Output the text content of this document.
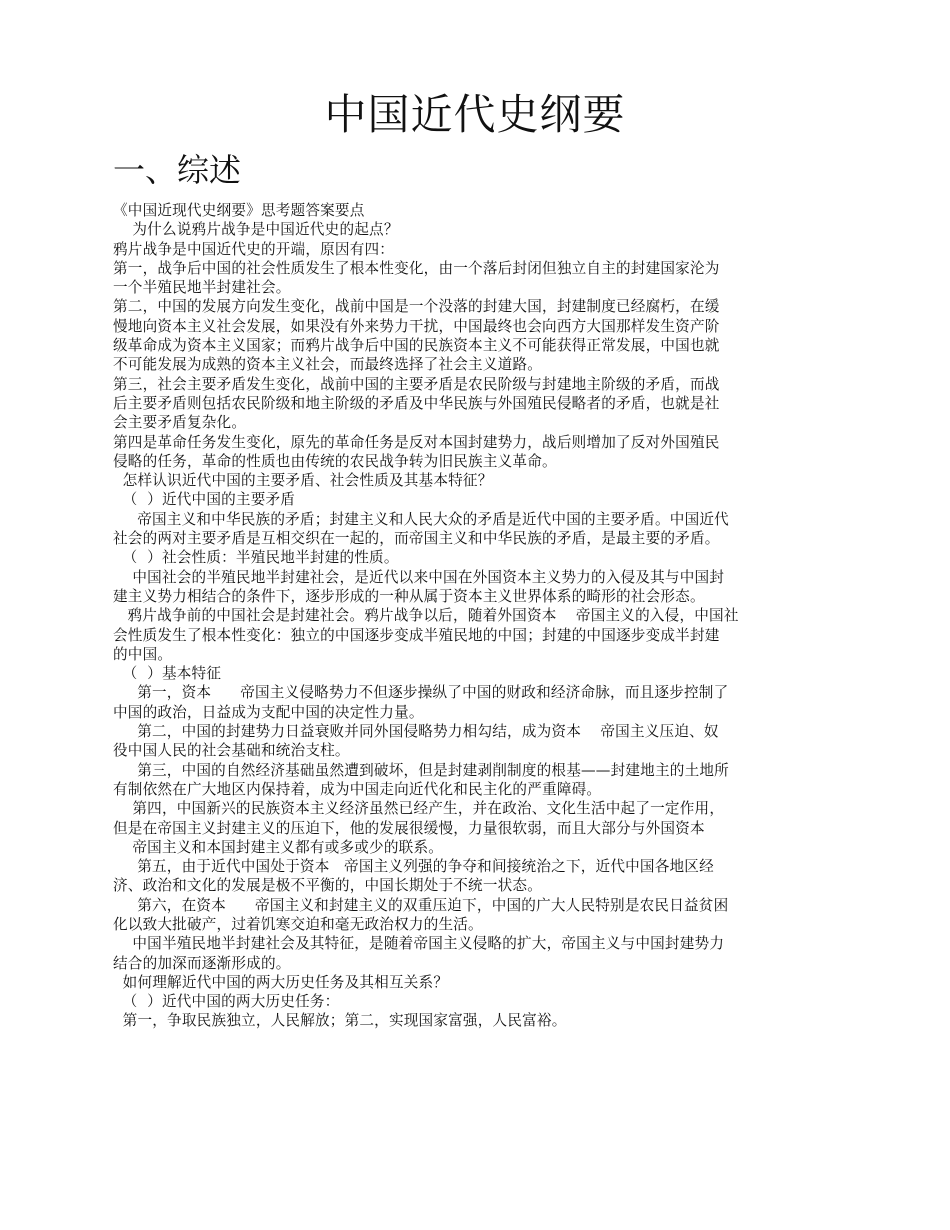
中国近代史纲要
一、综述
《中国近现代史纲要》思考题答案要点
为什么说鸦片战争是中国近代史的起点？
鸦片战争是中国近代史的开端，原因有四：
第一，战争后中国的社会性质发生了根本性变化，由一个落后封闭但独立自主的封建国家沦为
一个半殖民地半封建社会。
第二，中国的发展方向发生变化，战前中国是一个没落的封建大国，封建制度已经腐朽，在缓
慢地向资本主义社会发展，如果没有外来势力干扰，中国最终也会向西方大国那样发生资产阶
级革命成为资本主义国家；而鸦片战争后中国的民族资本主义不可能获得正常发展，中国也就
不可能发展为成熟的资本主义社会，而最终选择了社会主义道路。
第三，社会主要矛盾发生变化，战前中国的主要矛盾是农民阶级与封建地主阶级的矛盾，而战
后主要矛盾则包括农民阶级和地主阶级的矛盾及中华民族与外国殖民侵略者的矛盾，也就是社
会主要矛盾复杂化。
第四是革命任务发生变化，原先的革命任务是反对本国封建势力，战后则增加了反对外国殖民
侵略的任务，革命的性质也由传统的农民战争转为旧民族主义革命。
怎样认识近代中国的主要矛盾、社会性质及其基本特征？
（  ）近代中国的主要矛盾
帝国主义和中华民族的矛盾；封建主义和人民大众的矛盾是近代中国的主要矛盾。中国近代
社会的两对主要矛盾是互相交织在一起的，而帝国主义和中华民族的矛盾，是最主要的矛盾。
（  ）社会性质：半殖民地半封建的性质。
中国社会的半殖民地半封建社会，是近代以来中国在外国资本主义势力的入侵及其与中国封
建主义势力相结合的条件下，逐步形成的一种从属于资本主义世界体系的畸形的社会形态。
鸦片战争前的中国社会是封建社会。鸦片战争以后，随着外国资本    帝国主义的入侵，中国社
会性质发生了根本性变化：独立的中国逐步变成半殖民地的中国；封建的中国逐步变成半封建
的中国。
（  ）基本特征
第一，资本      帝国主义侵略势力不但逐步操纵了中国的财政和经济命脉，而且逐步控制了
中国的政治，日益成为支配中国的决定性力量。
第二，中国的封建势力日益衰败并同外国侵略势力相勾结，成为资本    帝国主义压迫、奴
役中国人民的社会基础和统治支柱。
第三，中国的自然经济基础虽然遭到破坏，但是封建剥削制度的根基——封建地主的土地所
有制依然在广大地区内保持着，成为中国走向近代化和民主化的严重障碍。
第四，中国新兴的民族资本主义经济虽然已经产生，并在政治、文化生活中起了一定作用，
但是在帝国主义封建主义的压迫下，他的发展很缓慢，力量很软弱，而且大部分与外国资本
帝国主义和本国封建主义都有或多或少的联系。
第五，由于近代中国处于资本   帝国主义列强的争夺和间接统治之下，近代中国各地区经
济、政治和文化的发展是极不平衡的，中国长期处于不统一状态。
第六，在资本      帝国主义和封建主义的双重压迫下，中国的广大人民特别是农民日益贫困
化以致大批破产，过着饥寒交迫和毫无政治权力的生活。
中国半殖民地半封建社会及其特征，是随着帝国主义侵略的扩大，帝国主义与中国封建势力
结合的加深而逐渐形成的。
如何理解近代中国的两大历史任务及其相互关系？
（  ）近代中国的两大历史任务：
第一，争取民族独立，人民解放；第二，实现国家富强，人民富裕。
